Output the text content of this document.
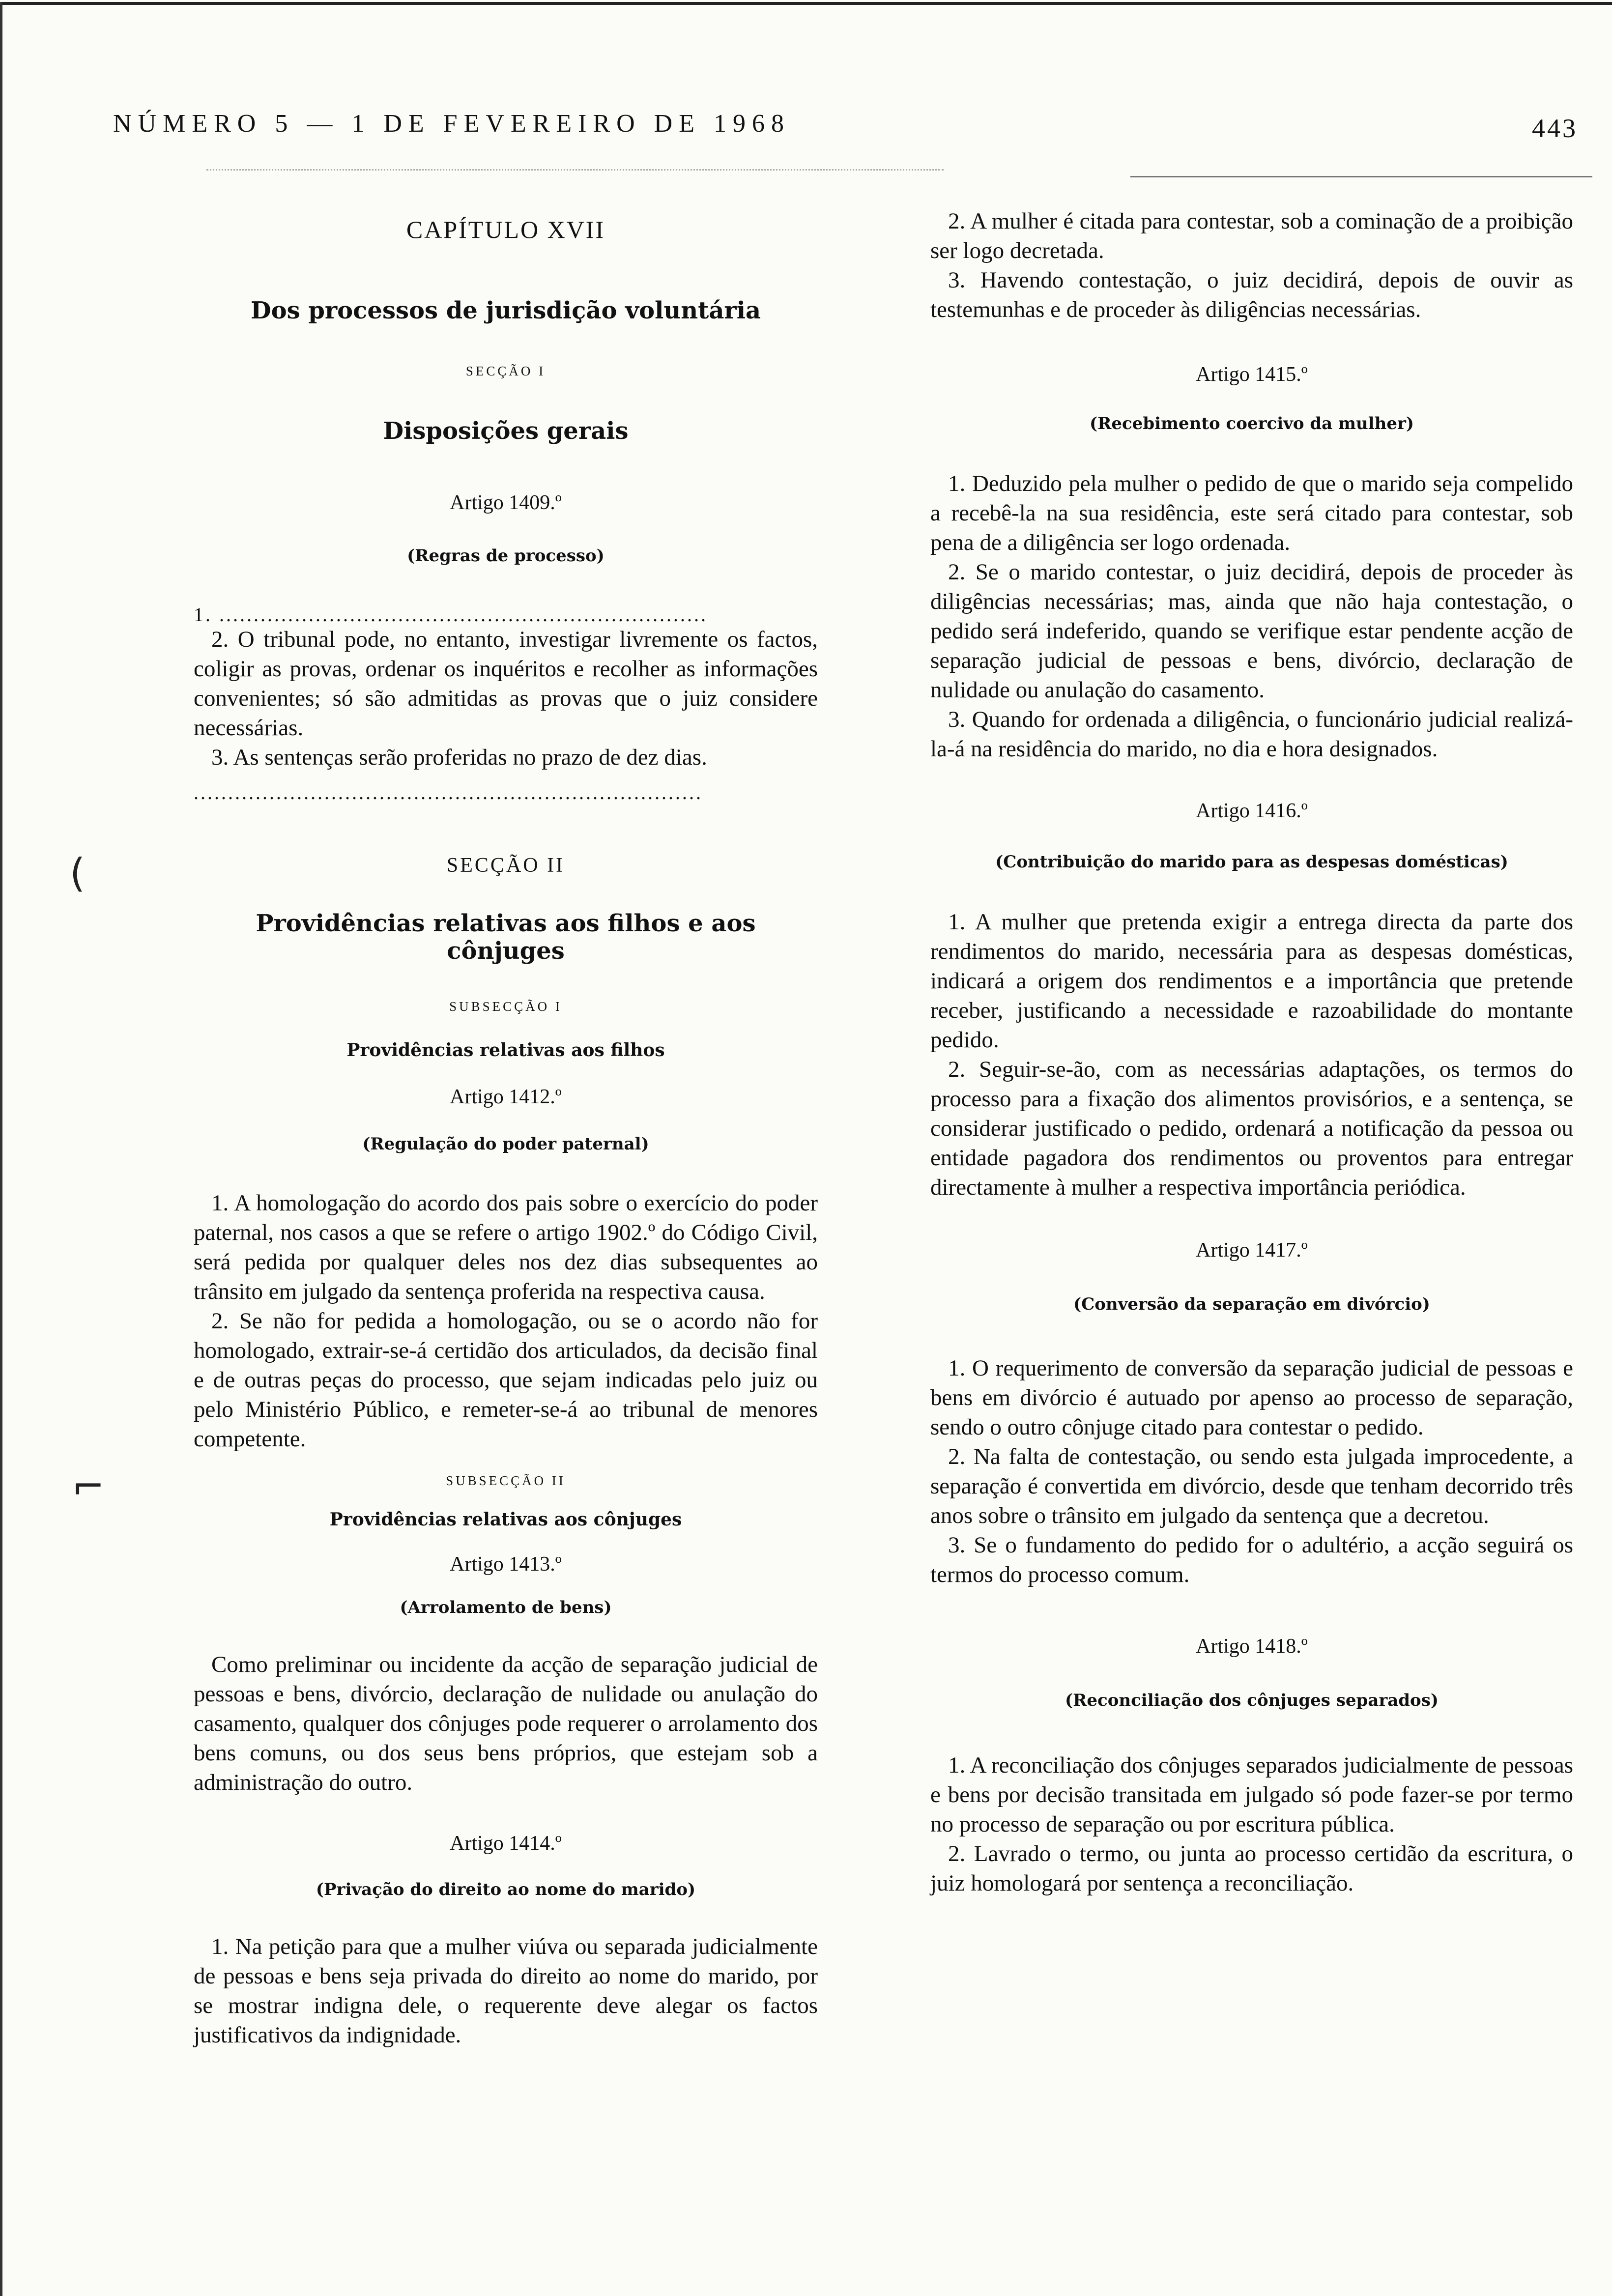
NÚMERO 5 — 1 DE FEVEREIRO DE 1968	443
(
⌐
CAPÍTULO XVII
Dos processos de jurisdição voluntária
SECÇÃO I
Disposições gerais
Artigo 1409.º
(Regras de processo)
1. .......................................................................

2. O tribunal pode, no entanto, investigar livremente os factos, coligir as provas, ordenar os inquéritos e recolher as informações convenientes; só são admitidas as provas que o juiz considere necessárias.

3. As sentenças serão proferidas no prazo de dez dias.

..........................................................................
SECÇÃO II
Providências relativas aos filhos e aos cônjuges
SUBSECÇÃO I
Providências relativas aos filhos
Artigo 1412.º
(Regulação do poder paternal)

1. A homologação do acordo dos pais sobre o exercício do poder paternal, nos casos a que se refere o artigo 1902.º do Código Civil, será pedida por qualquer deles nos dez dias subsequentes ao trânsito em julgado da sentença proferida na respectiva causa.

2. Se não for pedida a homologação, ou se o acordo não for homologado, extrair-se-á certidão dos articulados, da decisão final e de outras peças do processo, que sejam indicadas pelo juiz ou pelo Ministério Público, e remeter-se-á ao tribunal de menores competente.

SUBSECÇÃO II
Providências relativas aos cônjuges
Artigo 1413.º
(Arrolamento de bens)

Como preliminar ou incidente da acção de separação judicial de pessoas e bens, divórcio, declaração de nulidade ou anulação do casamento, qualquer dos cônjuges pode requerer o arrolamento dos bens comuns, ou dos seus bens próprios, que estejam sob a administração do outro.

Artigo 1414.º
(Privação do direito ao nome do marido)

1. Na petição para que a mulher viúva ou separada judicialmente de pessoas e bens seja privada do direito ao nome do marido, por se mostrar indigna dele, o requerente deve alegar os factos justificativos da indignidade.

2. A mulher é citada para contestar, sob a cominação de a proibição ser logo decretada.

3. Havendo contestação, o juiz decidirá, depois de ouvir as testemunhas e de proceder às diligências necessárias.

Artigo 1415.º
(Recebimento coercivo da mulher)

1. Deduzido pela mulher o pedido de que o marido seja compelido a recebê-la na sua residência, este será citado para contestar, sob pena de a diligência ser logo ordenada.

2. Se o marido contestar, o juiz decidirá, depois de proceder às diligências necessárias; mas, ainda que não haja contestação, o pedido será indeferido, quando se verifique estar pendente acção de separação judicial de pessoas e bens, divórcio, declaração de nulidade ou anulação do casamento.

3. Quando for ordenada a diligência, o funcionário judicial realizá-la-á na residência do marido, no dia e hora designados.

Artigo 1416.º
(Contribuição do marido para as despesas domésticas)

1. A mulher que pretenda exigir a entrega directa da parte dos rendimentos do marido, necessária para as despesas domésticas, indicará a origem dos rendimentos e a importância que pretende receber, justificando a necessidade e razoabilidade do montante pedido.

2. Seguir-se-ão, com as necessárias adaptações, os termos do processo para a fixação dos alimentos provisórios, e a sentença, se considerar justificado o pedido, ordenará a notificação da pessoa ou entidade pagadora dos rendimentos ou proventos para entregar directamente à mulher a respectiva importância periódica.

Artigo 1417.º
(Conversão da separação em divórcio)

1. O requerimento de conversão da separação judicial de pessoas e bens em divórcio é autuado por apenso ao processo de separação, sendo o outro cônjuge citado para contestar o pedido.

2. Na falta de contestação, ou sendo esta julgada improcedente, a separação é convertida em divórcio, desde que tenham decorrido três anos sobre o trânsito em julgado da sentença que a decretou.

3. Se o fundamento do pedido for o adultério, a acção seguirá os termos do processo comum.

Artigo 1418.º
(Reconciliação dos cônjuges separados)

1. A reconciliação dos cônjuges separados judicialmente de pessoas e bens por decisão transitada em julgado só pode fazer-se por termo no processo de separação ou por escritura pública.

2. Lavrado o termo, ou junta ao processo certidão da escritura, o juiz homologará por sentença a reconciliação.
